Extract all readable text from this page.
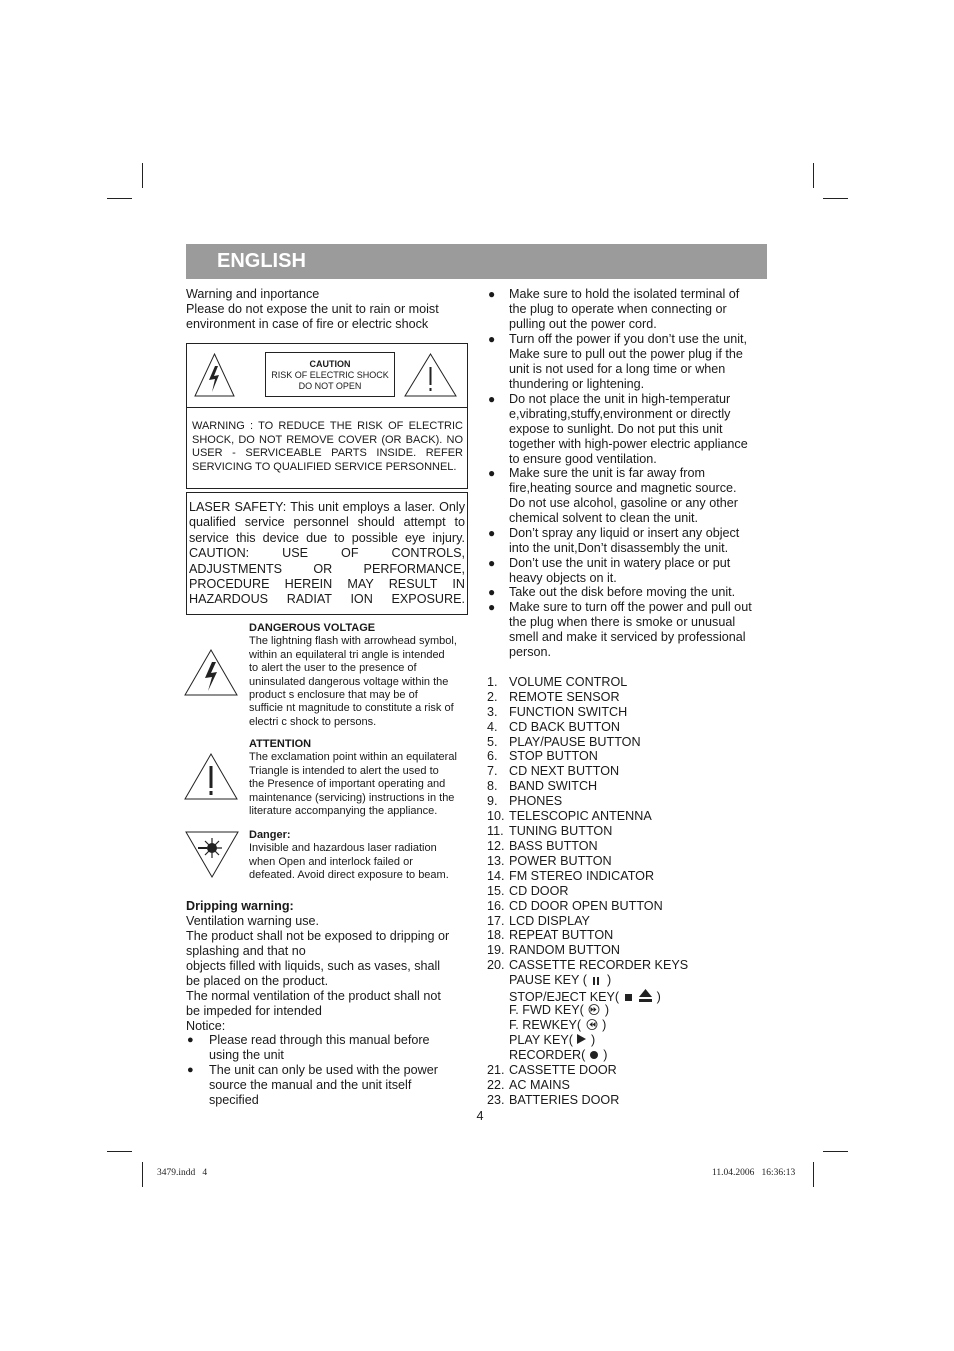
ENGLISH
Warning and inportance
Please do not expose the unit to rain or moist
environment in case of fire or electric shock
CAUTION
RISK OF ELECTRIC SHOCK
DO NOT OPEN
WARNING : TO REDUCE THE RISK OF ELECTRIC SHOCK, DO NOT REMOVE COVER (OR BACK). NO USER - SERVICEABLE PARTS INSIDE. REFER SERVICING TO QUALIFIED SERVICE PERSONNEL.
LASER SAFETY: This unit employs a laser. Only
qualified service personnel should attempt to
service this device due to possible eye injury.
CAUTION: USE OF CONTROLS,
ADJUSTMENTS OR PERFORMANCE,
PROCEDURE HEREIN MAY RESULT IN
HAZARDOUS RADIAT ION EXPOSURE.
DANGEROUS VOLTAGE
The lightning flash with arrowhead symbol,
within an equilateral tri angle is intended
to alert the user to the presence of
uninsulated dangerous voltage within the
product s enclosure that may be of
sufficie nt magnitude to constitute a risk of
electri c shock to persons.
ATTENTION
The exclamation point within an equilateral
Triangle is intended to alert the used to
the Presence of important operating and
maintenance (servicing) instructions in the
literature accompanying the appliance.
Danger:
Invisible and hazardous laser radiation
when Open and interlock failed or
defeated. Avoid direct exposure to beam.
Dripping warning:
Ventilation warning use.
The product shall not be exposed to dripping or
splashing and that no
objects filled with liquids, such as vases, shall
be placed on the product.
The normal ventilation of the product shall not
be impeded for intended
Notice:
● Please read through this manual before
using the unit
● The unit can only be used with the power
source the manual and the unit itself
specified
● Make sure to hold the isolated terminal of
the plug to operate when connecting or
pulling out the power cord.
● Turn off the power if you don’t use the unit,
Make sure to pull out the power plug if the
unit is not used for a long time or when
thundering or lightening.
● Do not place the unit in high-temperatur
e,vibrating,stuffy,environment or directly
expose to sunlight. Do not put this unit
together with high-power electric appliance
to ensure good ventilation.
● Make sure the unit is far away from
fire,heating source and magnetic source.
Do not use alcohol, gasoline or any other
chemical solvent to clean the unit.
● Don’t spray any liquid or insert any object
into the unit,Don’t disassembly the unit.
● Don’t use the unit in watery place or put
heavy objects on it.
● Take out the disk before moving the unit.
● Make sure to turn off the power and pull out
the plug when there is smoke or unusual
smell and make it serviced by professional
person.
1. VOLUME CONTROL
2. REMOTE SENSOR
3. FUNCTION SWITCH
4. CD BACK BUTTON
5. PLAY/PAUSE BUTTON
6. STOP BUTTON
7. CD NEXT BUTTON
8. BAND SWITCH
9. PHONES
10. TELESCOPIC ANTENNA
11. TUNING BUTTON
12. BASS BUTTON
13. POWER BUTTON
14. FM STEREO INDICATOR
15. CD DOOR
16. CD DOOR OPEN BUTTON
17. LCD DISPLAY
18. REPEAT BUTTON
19. RANDOM BUTTON
20. CASSETTE RECORDER KEYS
PAUSE KEY ( )
STOP/EJECT KEY(	)
F. FWD KEY( )
F. REWKEY( )
PLAY KEY( )
RECORDER( )
21. CASSETTE DOOR
22. AC MAINS
23. BATTERIES DOOR
4
3479.indd   4	11.04.2006   16:36:13
